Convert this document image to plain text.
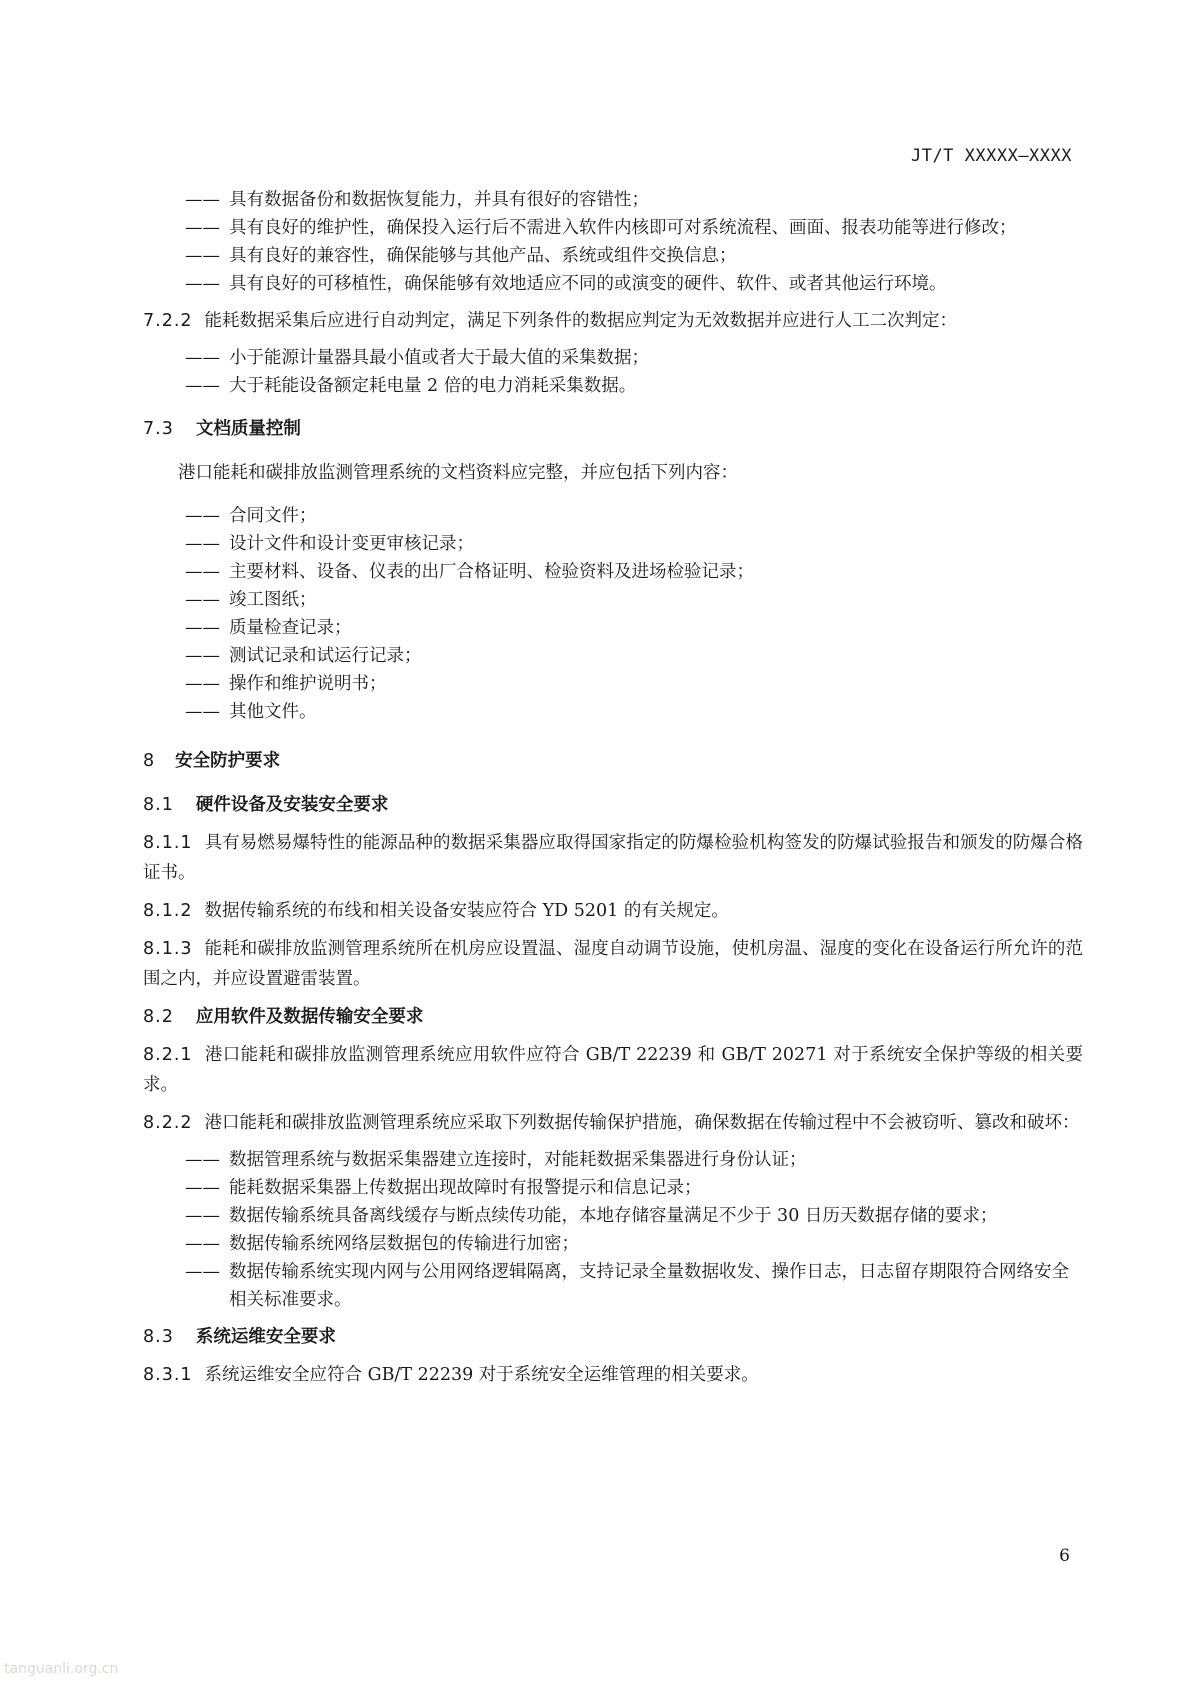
JT/T XXXXX—XXXX
—— 具有数据备份和数据恢复能力，并具有很好的容错性；
—— 具有良好的维护性，确保投入运行后不需进入软件内核即可对系统流程、画面、报表功能等进行修改；
—— 具有良好的兼容性，确保能够与其他产品、系统或组件交换信息；
—— 具有良好的可移植性，确保能够有效地适应不同的或演变的硬件、软件、或者其他运行环境。
7.2.2 能耗数据采集后应进行自动判定，满足下列条件的数据应判定为无效数据并应进行人工二次判定：
—— 小于能源计量器具最小值或者大于最大值的采集数据；
—— 大于耗能设备额定耗电量 2 倍的电力消耗采集数据。
7.3 文档质量控制
港口能耗和碳排放监测管理系统的文档资料应完整，并应包括下列内容：
—— 合同文件；
—— 设计文件和设计变更审核记录；
—— 主要材料、设备、仪表的出厂合格证明、检验资料及进场检验记录；
—— 竣工图纸；
—— 质量检查记录；
—— 测试记录和试运行记录；
—— 操作和维护说明书；
—— 其他文件。
8 安全防护要求
8.1 硬件设备及安装安全要求
8.1.1 具有易燃易爆特性的能源品种的数据采集器应取得国家指定的防爆检验机构签发的防爆试验报告和颁发的防爆合格证书。
8.1.2 数据传输系统的布线和相关设备安装应符合 YD 5201 的有关规定。
8.1.3 能耗和碳排放监测管理系统所在机房应设置温、湿度自动调节设施，使机房温、湿度的变化在设备运行所允许的范围之内，并应设置避雷装置。
8.2 应用软件及数据传输安全要求
8.2.1 港口能耗和碳排放监测管理系统应用软件应符合 GB/T 22239 和 GB/T 20271 对于系统安全保护等级的相关要求。
8.2.2 港口能耗和碳排放监测管理系统应采取下列数据传输保护措施，确保数据在传输过程中不会被窃听、篡改和破坏：
—— 数据管理系统与数据采集器建立连接时，对能耗数据采集器进行身份认证；
—— 能耗数据采集器上传数据出现故障时有报警提示和信息记录；
—— 数据传输系统具备离线缓存与断点续传功能，本地存储容量满足不少于 30 日历天数据存储的要求；
—— 数据传输系统网络层数据包的传输进行加密；
—— 数据传输系统实现内网与公用网络逻辑隔离，支持记录全量数据收发、操作日志，日志留存期限符合网络安全相关标准要求。
8.3 系统运维安全要求
8.3.1 系统运维安全应符合 GB/T 22239 对于系统安全运维管理的相关要求。
6
tanguanli.org.cn
